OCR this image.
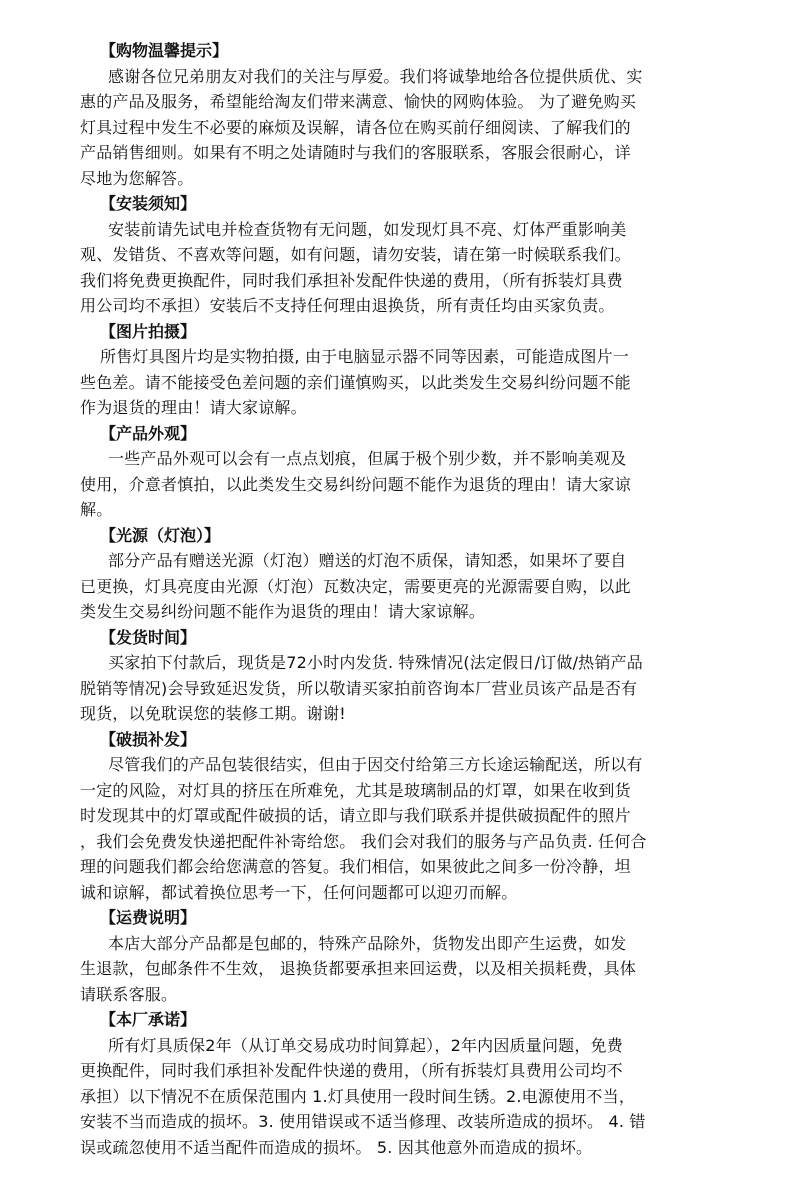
【购物温馨提示】
感谢各位兄弟朋友对我们的关注与厚爱。我们将诚挚地给各位提供质优、实
惠的产品及服务，希望能给淘友们带来满意、愉快的网购体验。 为了避免购买
灯具过程中发生不必要的麻烦及误解，请各位在购买前仔细阅读、了解我们的
产品销售细则。如果有不明之处请随时与我们的客服联系，客服会很耐心，详
尽地为您解答。
【安装须知】
安装前请先试电并检查货物有无问题，如发现灯具不亮、灯体严重影响美
观、发错货、不喜欢等问题，如有问题，请勿安装，请在第一时候联系我们。
我们将免费更换配件，同时我们承担补发配件快递的费用，（所有拆装灯具费
用公司均不承担）安装后不支持任何理由退换货，所有责任均由买家负责。
【图片拍摄】
所售灯具图片均是实物拍摄, 由于电脑显示器不同等因素，可能造成图片一
些色差。请不能接受色差问题的亲们谨慎购买，以此类发生交易纠纷问题不能
作为退货的理由！请大家谅解。
【产品外观】
一些产品外观可以会有一点点划痕，但属于极个别少数，并不影响美观及
使用，介意者慎拍，以此类发生交易纠纷问题不能作为退货的理由！请大家谅
解。
【光源（灯泡）】
部分产品有赠送光源（灯泡）赠送的灯泡不质保，请知悉，如果坏了要自
已更换，灯具亮度由光源（灯泡）瓦数决定，需要更亮的光源需要自购，以此
类发生交易纠纷问题不能作为退货的理由！请大家谅解。
【发货时间】
买家拍下付款后，现货是72小时内发货. 特殊情况(法定假日/订做/热销产品
脱销等情况)会导致延迟发货，所以敬请买家拍前咨询本厂营业员该产品是否有
现货，以免耽误您的装修工期。谢谢!
【破损补发】
尽管我们的产品包装很结实，但由于因交付给第三方长途运输配送，所以有
一定的风险，对灯具的挤压在所难免，尤其是玻璃制品的灯罩，如果在收到货
时发现其中的灯罩或配件破损的话，请立即与我们联系并提供破损配件的照片
，我们会免费发快递把配件补寄给您。 我们会对我们的服务与产品负责. 任何合
理的问题我们都会给您满意的答复。我们相信，如果彼此之间多一份冷静，坦
诚和谅解，都试着换位思考一下，任何问题都可以迎刃而解。
【运费说明】
本店大部分产品都是包邮的，特殊产品除外，货物发出即产生运费，如发
生退款，包邮条件不生效， 退换货都要承担来回运费，以及相关损耗费，具体
请联系客服。
【本厂承诺】
所有灯具质保2年（从订单交易成功时间算起），2年内因质量问题，免费
更换配件，同时我们承担补发配件快递的费用，（所有拆装灯具费用公司均不
承担）以下情况不在质保范围内 1.灯具使用一段时间生锈。2.电源使用不当，
安装不当而造成的损坏。3. 使用错误或不适当修理、改装所造成的损坏。 4. 错
误或疏忽使用不适当配件而造成的损坏。 5. 因其他意外而造成的损坏。
